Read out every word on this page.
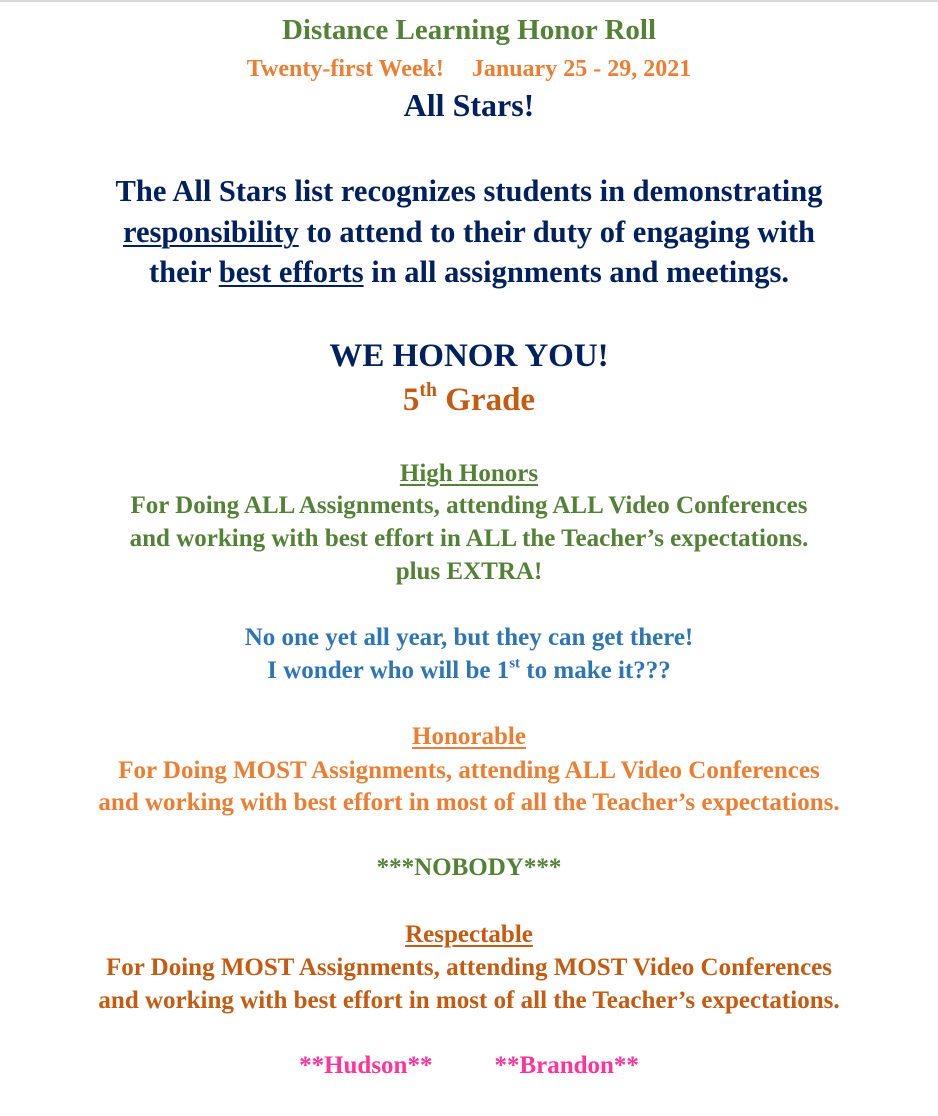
Distance Learning Honor Roll
Twenty-first Week! January 25 - 29, 2021
All Stars!
The All Stars list recognizes students in demonstrating
responsibility to attend to their duty of engaging with
their best efforts in all assignments and meetings.
WE HONOR YOU!
5th Grade
High Honors
For Doing ALL Assignments, attending ALL Video Conferences
and working with best effort in ALL the Teacher’s expectations.
plus EXTRA!
No one yet all year, but they can get there!
I wonder who will be 1st to make it???
Honorable
For Doing MOST Assignments, attending ALL Video Conferences
and working with best effort in most of all the Teacher’s expectations.
***NOBODY***
Respectable
For Doing MOST Assignments, attending MOST Video Conferences
and working with best effort in most of all the Teacher’s expectations.
**Hudson** **Brandon**
